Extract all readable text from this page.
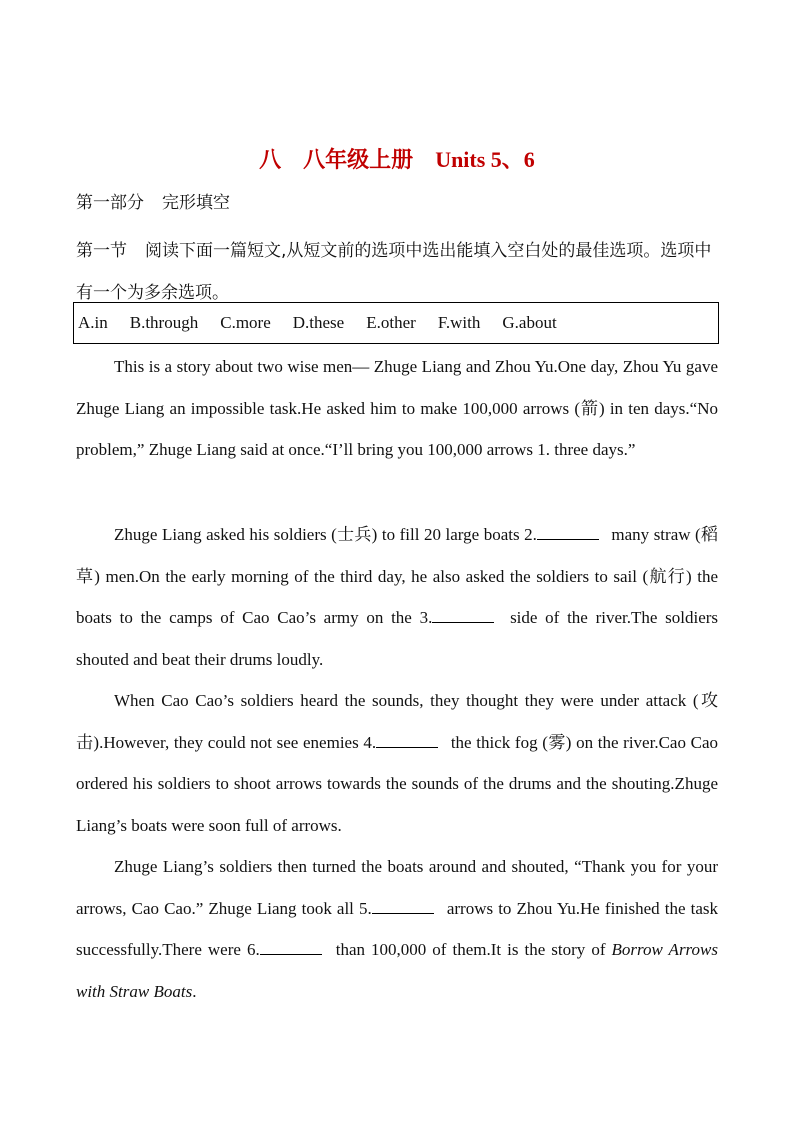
八　八年级上册 Units 5、6
第一部分 完形填空
第一节 阅读下面一篇短文,从短文前的选项中选出能填入空白处的最佳选项。选项中有一个为多余选项。
A.in B.through C.more D.these E.other F.with G.about
This is a story about two wise men— Zhuge Liang and Zhou Yu.One day, Zhou Yu gave Zhuge Liang an impossible task.He asked him to make 100,000 arrows (箭) in ten days.“No problem,” Zhuge Liang said at once.“I’ll bring you 100,000 arrows 1. three days.”
Zhuge Liang asked his soldiers (士兵) to fill 20 large boats 2.	many straw (稻草) men.On the early morning of the third day, he also asked the soldiers to sail (航行) the boats to the camps of Cao Cao’s army on the 3.	side of the river.The soldiers shouted and beat their drums loudly.
When Cao Cao’s soldiers heard the sounds, they thought they were under attack (攻击).However, they could not see enemies 4.	the thick fog (雾) on the river.Cao Cao ordered his soldiers to shoot arrows towards the sounds of the drums and the shouting.Zhuge Liang’s boats were soon full of arrows.
Zhuge Liang’s soldiers then turned the boats around and shouted, “Thank you for your arrows, Cao Cao.” Zhuge Liang took all 5.	arrows to Zhou Yu.He finished the task successfully.There were 6.	than 100,000 of them.It is the story of Borrow Arrows with Straw Boats.
